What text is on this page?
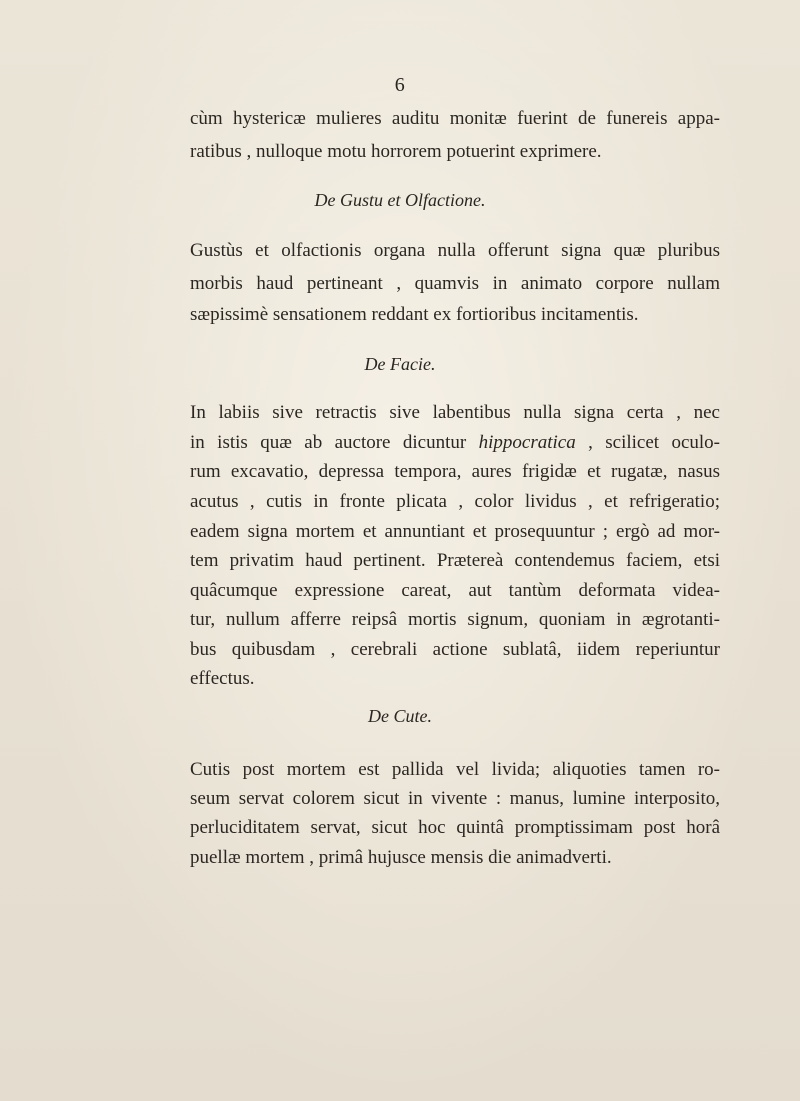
6
cùm hystericæ mulieres auditu monitæ fuerint de funereis appa-
ratibus , nulloque motu horrorem potuerint exprimere.
De Gustu et Olfactione.
Gustùs et olfactionis organa nulla offerunt signa quæ pluribus
morbis haud pertineant , quamvis in animato corpore nullam
sæpissimè sensationem reddant ex fortioribus incitamentis.
De Facie.
In labiis sive retractis sive labentibus nulla signa certa , nec
in istis quæ ab auctore dicuntur hippocratica , scilicet oculo-
rum excavatio, depressa tempora, aures frigidæ et rugatæ, nasus
acutus , cutis in fronte plicata , color lividus , et refrigeratio;
eadem signa mortem et annuntiant et prosequuntur ; ergò ad mor-
tem privatim haud pertinent. Prætereà contendemus faciem, etsi
quâcumque expressione careat, aut tantùm deformata videa-
tur, nullum afferre reipsâ mortis signum, quoniam in ægrotanti-
bus quibusdam , cerebrali actione sublatâ, iidem reperiuntur
effectus.
De Cute.
Cutis post mortem est pallida vel livida; aliquoties tamen ro-
seum servat colorem sicut in vivente : manus, lumine interposito,
perluciditatem servat, sicut hoc quintâ promptissimam post horâ
puellæ mortem , primâ hujusce mensis die animadverti.
